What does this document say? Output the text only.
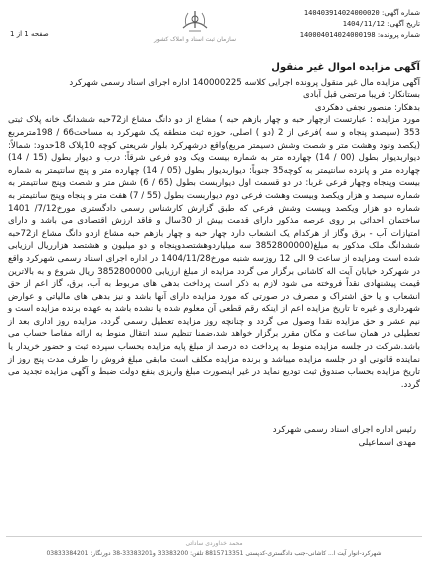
شماره آگهی: 140403914024000020
تاریخ آگهی: 1404/11/12
شماره پرونده: 140004014024000198
سازمان ثبت اسناد و املاک کشور
صفحه 1 از 1
آگهی مزایده اموال غیر منقول

آگهی مزایده مال غیر منقول پرونده اجرایی کلاسه 140000225 اداره اجرای اسناد رسمی شهرکرد

بستانکار: فریبا مرتضی قبل آبادی

بدهکار: منصور نجفی دهکردی

مورد مزایده : عبارتست ازچهار حبه و چهار بازهم حبه ) مشاع از دو دانگ مشاع از72حبه ششدانگ خانه پلاک ثبتی 353 (سیصدو پنجاه و سه )فرعی از 2 (دو ) اصلی، حوزه ثبت منطقه یک شهرکرد به مساحت66 / 198مترمربع (یکصد ونود وهشت متر و شصت وشش دسیمتر مربع)واقع درشهرکرد بلوار شریعتی کوچه 10پلاک 18حدود: شمالاً: دیواربدیوار بطول (00 / 14) چهارده متر به شماره بیست ویک ودو فرعی شرقاً: درب و دیوار بطول (15 / 14) چهارده متر و پانزده سانتیمتر به کوچه35 جنوباً: دیواربدیوار بطول (05 / 14) چهارده متر و پنج سانتیمتر به شماره بیست وپنجاه وچهار فرعی غربا: در دو قسمت اول دیواربست بطول (65 / 6) شش متر و شصت وپنج سانتیمتر به شماره سیصد و هزار ویکصد وبیست وهشت فرعی دوم دیواربست بطول (55 / 7) هفت متر و پنجاه وپنج سانتیمتر به شماره دو هزار ویکصد وبیست وشش فرعی که طبق گزارش کارشناس رسمی دادگستری مورخ7/12/ 1401 ساختمان احداثی بر روی عرصه مذکور دارای قدمت بیش از 30سال و فاقد ارزش اقتصادی می باشد و دارای امتیازات آب - برق وگاز از هرکدام یک انشعاب دارد چهار حبه و چهار بازهم حبه مشاع ازدو دانگ مشاع از72حبه ششدانگ ملک مذکور به مبلغ(3852800000 سه میلیاردوهشتصدوپنجاه و دو میلیون و هشتصد هزارریال ارزیابی شده است ومزایده از ساعت 9 الی 12 روزسه شنبه مورخ1404/11/28 در اداره اجرای اسناد رسمی شهرکرد واقع در شهرکرد خیابان آیت اله کاشانی برگزار می گردد مزایده از مبلغ ارزیابی 3852800000 ریال شروع و به بالاترین قیمت پیشنهادی نقداً فروخته می شود لازم به ذکر است پرداخت بدهی های مربوط به آب، برق، گاز اعم از حق انشعاب و یا حق اشتراک و مصرف در صورتی که مورد مزایده دارای آنها باشد و نیز بدهی های مالیاتی و عوارض شهرداری و غیره تا تاریخ مزایده اعم از اینکه رقم قطعی آن معلوم شده یا نشده باشد به عهده برنده مزایده است و نیم عشر و حق مزایده نقدا وصول می گردد و چنانچه روز مزایده تعطیل رسمی گردد، مزایده روز اداری بعد از تعطیلی در همان ساعت و مکان مقرر برگزار خواهد شد،ضمنا تنظیم سند انتقال منوط به ارائه مفاصا حساب می باشد.شرکت در جلسه مزایده منوط به پرداخت ده درصد از مبلغ پایه مزایده بحساب سپرده ثبت و حضور خریدار یا نماینده قانونی او در جلسه مزایده میباشد و برنده مزایده مکلف است مابقی مبلغ فروش را ظرف مدت پنج روز از تاریخ مزایده بحساب صندوق ثبت تودیع نماید در غیر اینصورت مبلغ واریزی بنفع دولت ضبط و آگهی مزایده تجدید می گردد.

رئیس اداره اجرای اسناد رسمی شهرکرد
مهدی اسماعیلی
محمد خداوردی ساداتی
شهرکرد-انوار آیت ا... کاشانی-جنب دادگستری-کدپستی 8815713351 تلفن: 33383200 و33383201-38 دورنگار: 03833384201
